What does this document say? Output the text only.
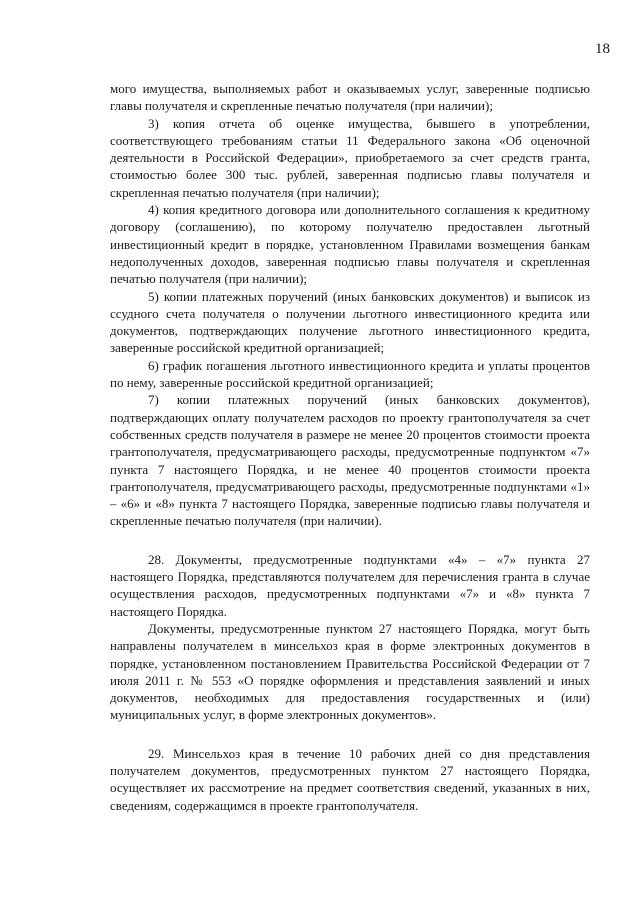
18

мого имущества, выполняемых работ и оказываемых услуг, заверенные подписью главы получателя и скрепленные печатью получателя (при наличии);

3) копия отчета об оценке имущества, бывшего в употреблении, соответствующего требованиям статьи 11 Федерального закона «Об оценочной деятельности в Российской Федерации», приобретаемого за счет средств гранта, стоимостью более 300 тыс. рублей, заверенная подписью главы получателя и скрепленная печатью получателя (при наличии);

4) копия кредитного договора или дополнительного соглашения к кредитному договору (соглашению), по которому получателю предоставлен льготный инвестиционный кредит в порядке, установленном Правилами возмещения банкам недополученных доходов, заверенная подписью главы получателя и скрепленная печатью получателя (при наличии);

5) копии платежных поручений (иных банковских документов) и выписок из ссудного счета получателя о получении льготного инвестиционного кредита или документов, подтверждающих получение льготного инвестиционного кредита, заверенные российской кредитной организацией;

6) график погашения льготного инвестиционного кредита и уплаты процентов по нему, заверенные российской кредитной организацией;

7) копии платежных поручений (иных банковских документов), подтверждающих оплату получателем расходов по проекту грантополучателя за счет собственных средств получателя в размере не менее 20 процентов стоимости проекта грантополучателя, предусматривающего расходы, предусмотренные подпунктом «7» пункта 7 настоящего Порядка, и не менее 40 процентов стоимости проекта грантополучателя, предусматривающего расходы, предусмотренные подпунктами «1» – «6» и «8» пункта 7 настоящего Порядка, заверенные подписью главы получателя и скрепленные печатью получателя (при наличии).

28. Документы, предусмотренные подпунктами «4» – «7» пункта 27 настоящего Порядка, представляются получателем для перечисления гранта в случае осуществления расходов, предусмотренных подпунктами «7» и «8» пункта 7 настоящего Порядка.

Документы, предусмотренные пунктом 27 настоящего Порядка, могут быть направлены получателем в минсельхоз края в форме электронных документов в порядке, установленном постановлением Правительства Российской Федерации от 7 июля 2011 г. № 553 «О порядке оформления и представления заявлений и иных документов, необходимых для предоставления государственных и (или) муниципальных услуг, в форме электронных документов».

29. Минсельхоз края в течение 10 рабочих дней со дня представления получателем документов, предусмотренных пунктом 27 настоящего Порядка, осуществляет их рассмотрение на предмет соответствия сведений, указанных в них, сведениям, содержащимся в проекте грантополучателя.
